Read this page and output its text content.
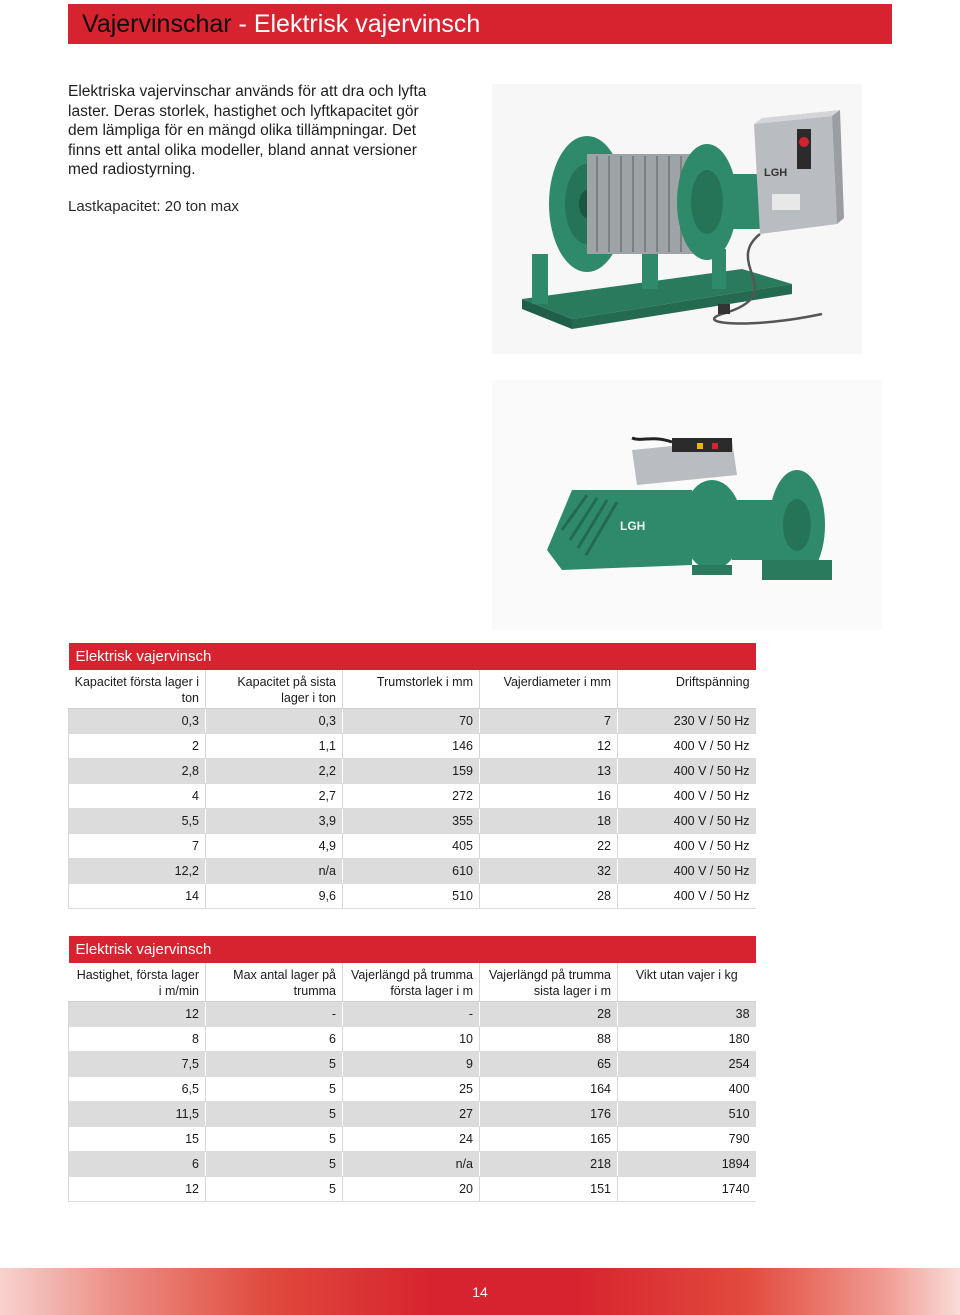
Vajervinschar - Elektrisk vajervinsch

Elektriska vajervinschar används för att dra och lyfta laster. Deras storlek, hastighet och lyftkapacitet gör dem lämpliga för en mängd olika tillämpningar. Det finns ett antal olika modeller, bland annat versioner med radiostyrning.

Lastkapacitet: 20 ton max

LGH
LGH
Elektrisk vajervinsch				
Kapacitet första lager i ton	Kapacitet på sista lager i ton	Trumstorlek i mm	Vajerdiameter i mm	Driftspänning
0,3	0,3	70	7	230 V / 50 Hz
2	1,1	146	12	400 V / 50 Hz
2,8	2,2	159	13	400 V / 50 Hz
4	2,7	272	16	400 V / 50 Hz
5,5	3,9	355	18	400 V / 50 Hz
7	4,9	405	22	400 V / 50 Hz
12,2	n/a	610	32	400 V / 50 Hz
14	9,6	510	28	400 V / 50 Hz
Elektrisk vajervinsch				
Hastighet, första lager i m/min	Max antal lager på trumma	Vajerlängd på trumma första lager i m	Vajerlängd på trumma sista lager i m	Vikt utan vajer i kg
12	-	-	28	38
8	6	10	88	180
7,5	5	9	65	254
6,5	5	25	164	400
11,5	5	27	176	510
15	5	24	165	790
6	5	n/a	218	1894
12	5	20	151	1740
14
